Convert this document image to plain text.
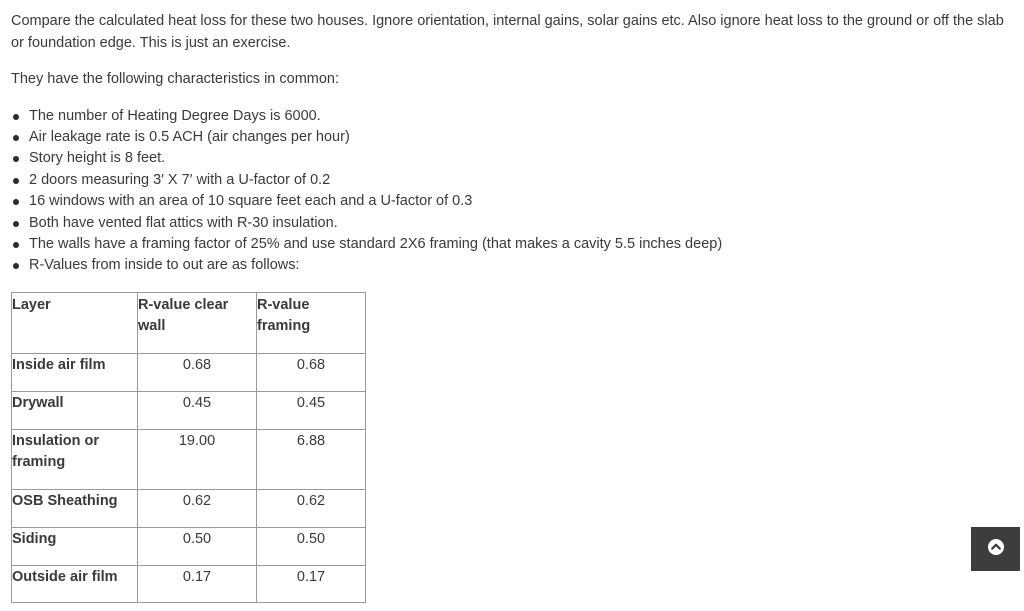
Compare the calculated heat loss for these two houses. Ignore orientation, internal gains, solar gains etc. Also ignore heat loss to the ground or off the slab or foundation edge. This is just an exercise.

They have the following characteristics in common:

The number of Heating Degree Days is 6000.
Air leakage rate is 0.5 ACH (air changes per hour)
Story height is 8 feet.
2 doors measuring 3′ X 7′ with a U-factor of 0.2
16 windows with an area of 10 square feet each and a U-factor of 0.3
Both have vented flat attics with R-30 insulation.
The walls have a framing factor of 25% and use standard 2X6 framing (that makes a cavity 5.5 inches deep)
R-Values from inside to out are as follows:
Layer	R-value clear wall	R-value framing
Inside air film	0.68	0.68
Drywall	0.45	0.45
Insulation or framing	19.00	6.88
OSB Sheathing	0.62	0.62
Siding	0.50	0.50
Outside air film	0.17	0.17
